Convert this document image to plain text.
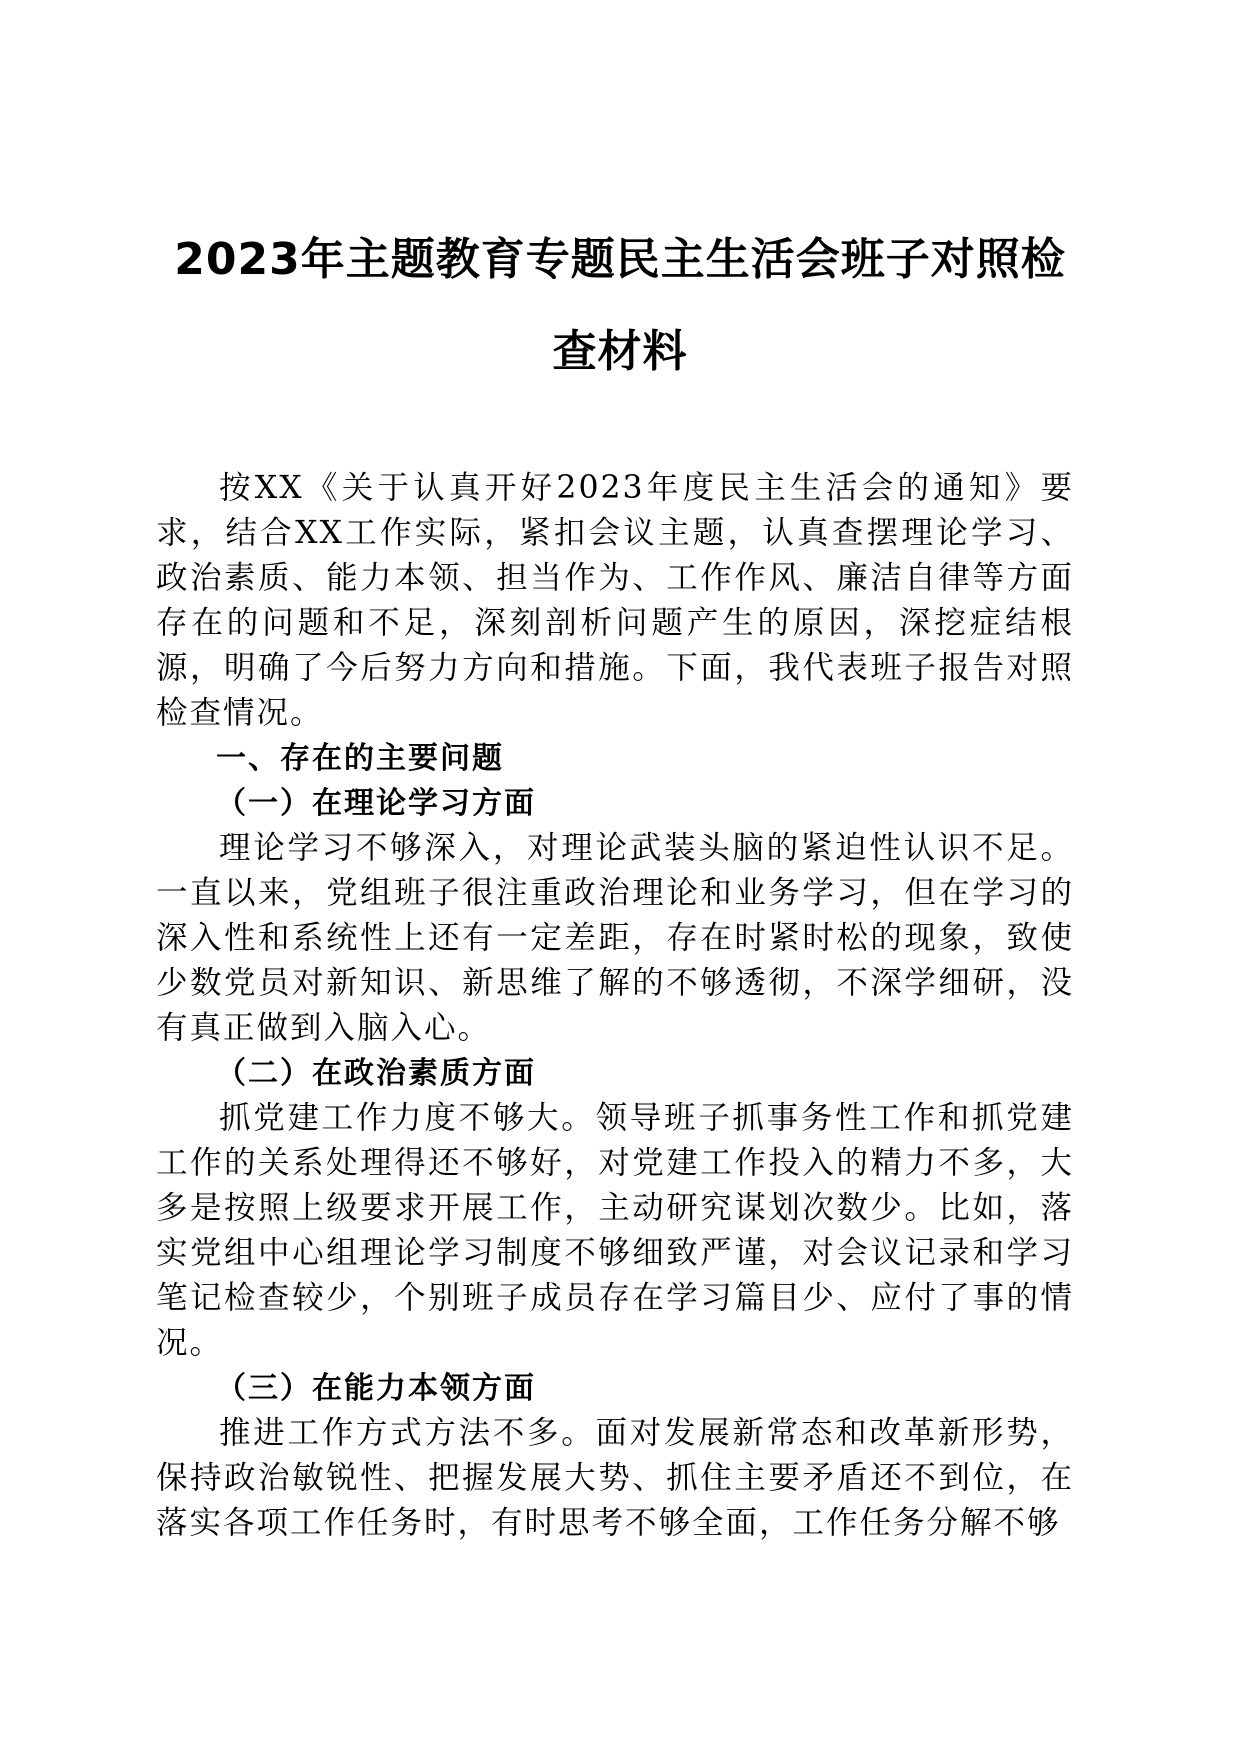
2023年主题教育专题民主生活会班子对照检
查材料

按XX《关于认真开好2023年度民主生活会的通知》要求，结合XX工作实际，紧扣会议主题，认真查摆理论学习、政治素质、能力本领、担当作为、工作作风、廉洁自律等方面存在的问题和不足，深刻剖析问题产生的原因，深挖症结根源，明确了今后努力方向和措施。下面，我代表班子报告对照检查情况。

一、存在的主要问题

（一）在理论学习方面

理论学习不够深入，对理论武装头脑的紧迫性认识不足。一直以来，党组班子很注重政治理论和业务学习，但在学习的深入性和系统性上还有一定差距，存在时紧时松的现象，致使少数党员对新知识、新思维了解的不够透彻，不深学细研，没有真正做到入脑入心。

（二）在政治素质方面

抓党建工作力度不够大。领导班子抓事务性工作和抓党建工作的关系处理得还不够好，对党建工作投入的精力不多，大多是按照上级要求开展工作，主动研究谋划次数少。比如，落实党组中心组理论学习制度不够细致严谨，对会议记录和学习笔记检查较少，个别班子成员存在学习篇目少、应付了事的情况。

（三）在能力本领方面

推进工作方式方法不多。面对发展新常态和改革新形势，保持政治敏锐性、把握发展大势、抓住主要矛盾还不到位，在落实各项工作任务时，有时思考不够全面，工作任务分解不够
